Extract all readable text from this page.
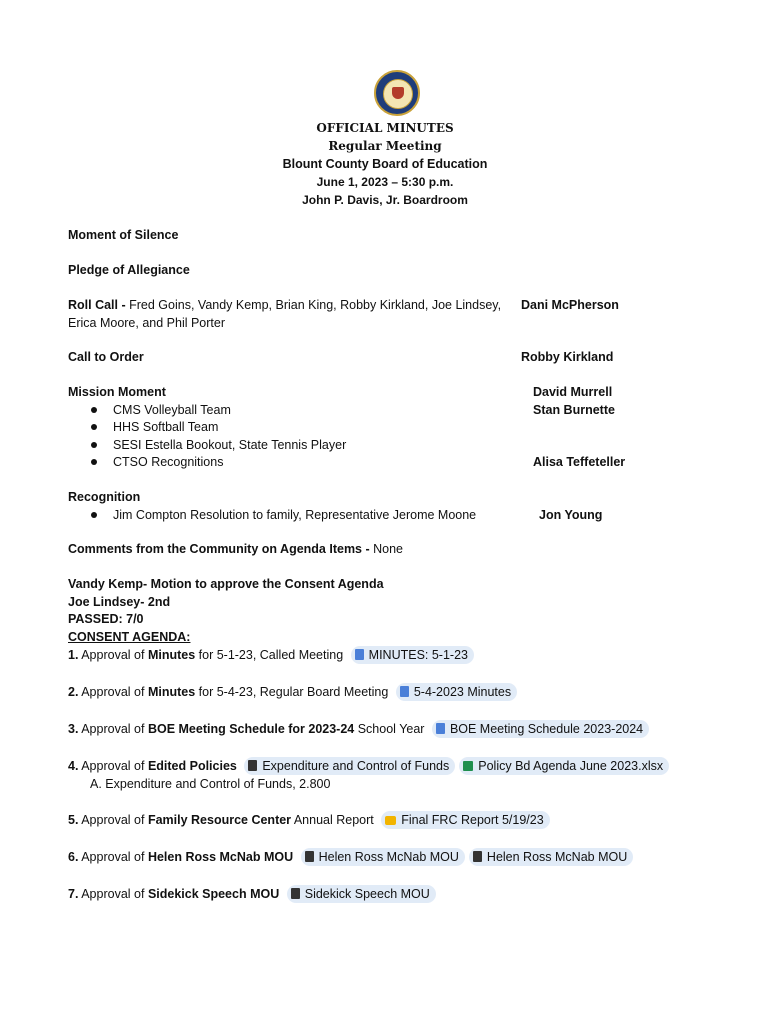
OFFICIAL MINUTES
Regular Meeting
Blount County Board of Education
June 1, 2023 – 5:30 p.m.
John P. Davis, Jr. Boardroom
Moment of Silence
Pledge of Allegiance
Roll Call - Fred Goins, Vandy Kemp, Brian King, Robby Kirkland, Joe Lindsey,
Erica Moore, and Phil Porter
Dani McPherson
Call to Order	Robby Kirkland
Mission Moment
CMS Volleyball Team
HHS Softball Team
SESI Estella Bookout, State Tennis Player
CTSO Recognitions
David Murrell
Stan Burnette
Alisa Teffeteller
Recognition
Jim Compton Resolution to family, Representative Jerome Moone	Jon Young
Comments from the Community on Agenda Items - None
Vandy Kemp- Motion to approve the Consent Agenda
Joe Lindsey- 2nd
PASSED: 7/0
CONSENT AGENDA:
1. Approval of Minutes for 5-1-23, Called Meeting MINUTES: 5-1-23
2. Approval of Minutes for 5-4-23, Regular Board Meeting 5-4-2023 Minutes
3. Approval of BOE Meeting Schedule for 2023-24 School Year BOE Meeting Schedule 2023-2024
4. Approval of Edited Policies Expenditure and Control of Funds Policy Bd Agenda June 2023.xlsx
A. Expenditure and Control of Funds, 2.800
5. Approval of Family Resource Center Annual Report Final FRC Report 5/19/23
6. Approval of Helen Ross McNab MOU Helen Ross McNab MOU Helen Ross McNab MOU
7. Approval of Sidekick Speech MOU Sidekick Speech MOU
